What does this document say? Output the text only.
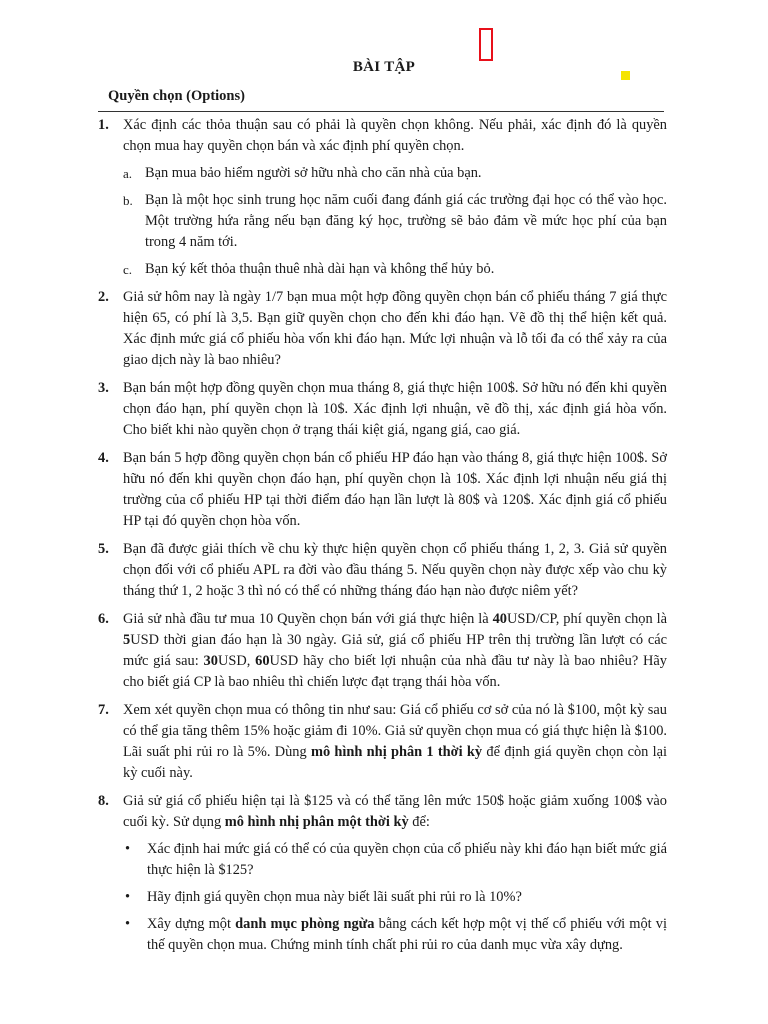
BÀI TẬP
Quyền chọn (Options)
1. Xác định các thỏa thuận sau có phải là quyền chọn không. Nếu phải, xác định đó là quyền chọn mua hay quyền chọn bán và xác định phí quyền chọn.

a. Bạn mua bảo hiểm người sở hữu nhà cho căn nhà của bạn.
b. Bạn là một học sinh trung học năm cuối đang đánh giá các trường đại học có thể vào học. Một trường hứa rằng nếu bạn đăng ký học, trường sẽ bảo đảm về mức học phí của bạn trong 4 năm tới.
c. Bạn ký kết thỏa thuận thuê nhà dài hạn và không thể hủy bỏ.
2. Giả sử hôm nay là ngày 1/7 bạn mua một hợp đồng quyền chọn bán cổ phiếu tháng 7 giá thực hiện 65, có phí là 3,5. Bạn giữ quyền chọn cho đến khi đáo hạn. Vẽ đồ thị thể hiện kết quả. Xác định mức giá cổ phiếu hòa vốn khi đáo hạn. Mức lợi nhuận và lỗ tối đa có thể xảy ra của giao dịch này là bao nhiêu?

3. Bạn bán một hợp đồng quyền chọn mua tháng 8, giá thực hiện 100$. Sở hữu nó đến khi quyền chọn đáo hạn, phí quyền chọn là 10$. Xác định lợi nhuận, vẽ đồ thị, xác định giá hòa vốn. Cho biết khi nào quyền chọn ở trạng thái kiệt giá, ngang giá, cao giá.

4. Bạn bán 5 hợp đồng quyền chọn bán cổ phiếu HP đáo hạn vào tháng 8, giá thực hiện 100$. Sở hữu nó đến khi quyền chọn đáo hạn, phí quyền chọn là 10$. Xác định lợi nhuận nếu giá thị trường của cổ phiếu HP tại thời điểm đáo hạn lần lượt là 80$ và 120$. Xác định giá cổ phiếu HP tại đó quyền chọn hòa vốn.

5. Bạn đã được giải thích về chu kỳ thực hiện quyền chọn cổ phiếu tháng 1, 2, 3. Giả sử quyền chọn đối với cổ phiếu APL ra đời vào đầu tháng 5. Nếu quyền chọn này được xếp vào chu kỳ tháng thứ 1, 2 hoặc 3 thì nó có thể có những tháng đáo hạn nào được niêm yết?

6. Giả sử nhà đầu tư mua 10 Quyền chọn bán với giá thực hiện là 40USD/CP, phí quyền chọn là 5USD thời gian đáo hạn là 30 ngày. Giả sử, giá cổ phiếu HP trên thị trường lần lượt có các mức giá sau: 30USD, 60USD hãy cho biết lợi nhuận của nhà đầu tư này là bao nhiêu? Hãy cho biết giá CP là bao nhiêu thì chiến lược đạt trạng thái hòa vốn.

7. Xem xét quyền chọn mua có thông tin như sau: Giá cổ phiếu cơ sở của nó là $100, một kỳ sau có thể gia tăng thêm 15% hoặc giảm đi 10%. Giả sử quyền chọn mua có giá thực hiện là $100. Lãi suất phi rủi ro là 5%. Dùng mô hình nhị phân 1 thời kỳ để định giá quyền chọn còn lại kỳ cuối này.

8. Giả sử giá cổ phiếu hiện tại là $125 và có thể tăng lên mức 150$ hoặc giảm xuống 100$ vào cuối kỳ. Sử dụng mô hình nhị phân một thời kỳ để:

•	Xác định hai mức giá có thể có của quyền chọn của cổ phiếu này khi đáo hạn biết mức giá thực hiện là $125?
•	Hãy định giá quyền chọn mua này biết lãi suất phi rủi ro là 10%?
•	Xây dựng một danh mục phòng ngừa bằng cách kết hợp một vị thế cổ phiếu với một vị thế quyền chọn mua. Chứng minh tính chất phi rủi ro của danh mục vừa xây dựng.
